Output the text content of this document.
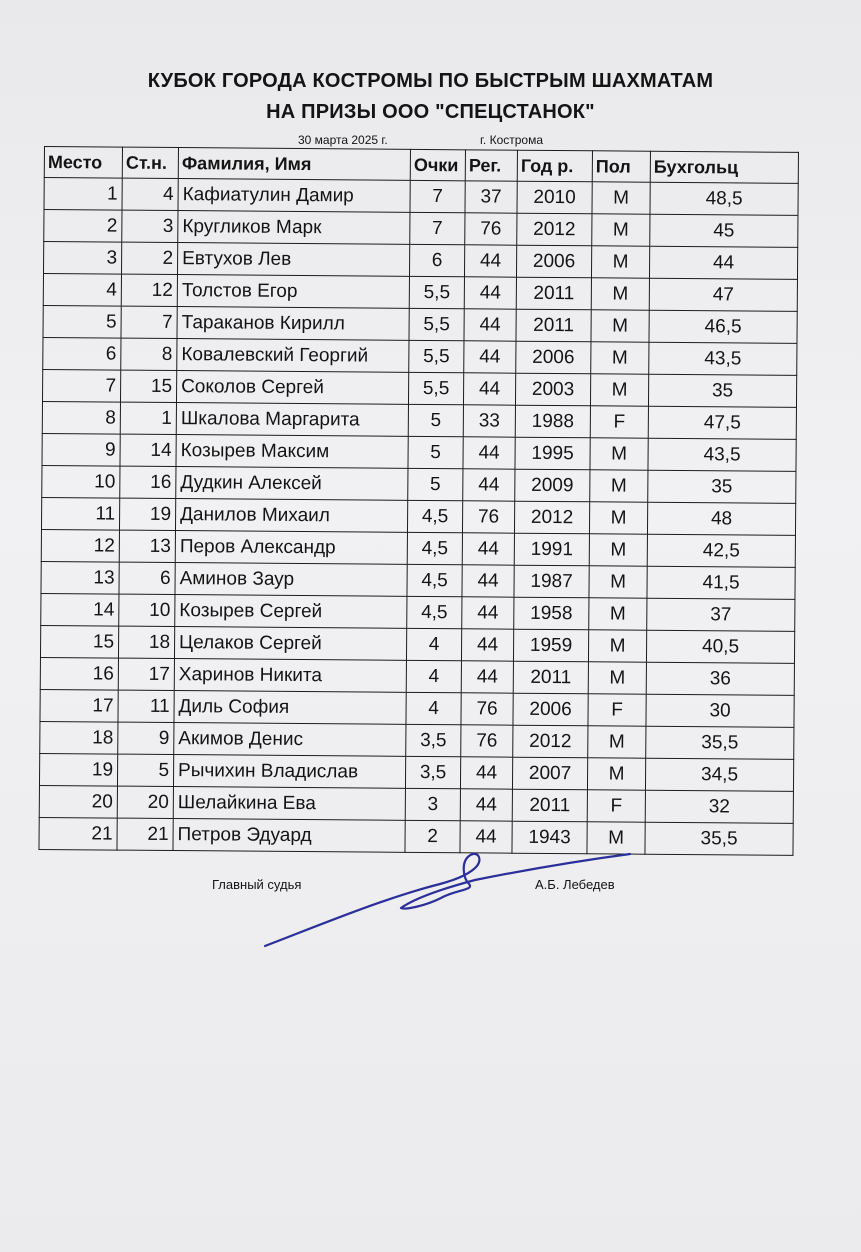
КУБОК ГОРОДА КОСТРОМЫ ПО БЫСТРЫМ ШАХМАТАМ
НА ПРИЗЫ ООО "СПЕЦСТАНОК"
30 марта 2025 г.	г. Кострома
Место	Ст.н.	Фамилия, Имя	Очки	Рег.	Год р.	Пол	Бухгольц
1	4	Кафиатулин Дамир	7	37	2010	M	48,5
2	3	Кругликов Марк	7	76	2012	M	45
3	2	Евтухов Лев	6	44	2006	M	44
4	12	Толстов Егор	5,5	44	2011	M	47
5	7	Тараканов Кирилл	5,5	44	2011	M	46,5
6	8	Ковалевский Георгий	5,5	44	2006	M	43,5
7	15	Соколов Сергей	5,5	44	2003	M	35
8	1	Шкалова Маргарита	5	33	1988	F	47,5
9	14	Козырев Максим	5	44	1995	M	43,5
10	16	Дудкин Алексей	5	44	2009	M	35
11	19	Данилов Михаил	4,5	76	2012	M	48
12	13	Перов Александр	4,5	44	1991	M	42,5
13	6	Аминов Заур	4,5	44	1987	M	41,5
14	10	Козырев Сергей	4,5	44	1958	M	37
15	18	Целаков Сергей	4	44	1959	M	40,5
16	17	Харинов Никита	4	44	2011	M	36
17	11	Диль София	4	76	2006	F	30
18	9	Акимов Денис	3,5	76	2012	M	35,5
19	5	Рычихин Владислав	3,5	44	2007	M	34,5
20	20	Шелайкина Ева	3	44	2011	F	32
21	21	Петров Эдуард	2	44	1943	M	35,5
Главный судья	А.Б. Лебедев
